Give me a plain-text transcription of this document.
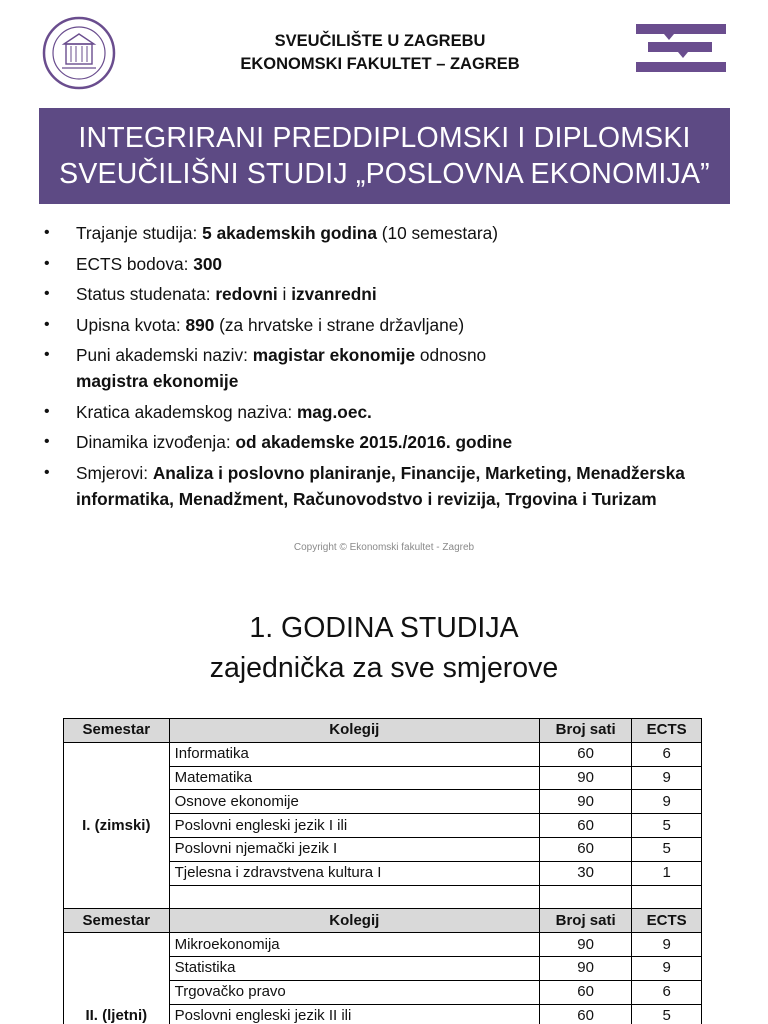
SVEUČILIŠTE U ZAGREBU
EKONOMSKI FAKULTET – ZAGREB
INTEGRIRANI PREDDIPLOMSKI I DIPLOMSKI
SVEUČILIŠNI STUDIJ „POSLOVNA EKONOMIJA”
• Trajanje studija: 5 akademskih godina (10 semestara)
• ECTS bodova: 300
• Status studenata: redovni i izvanredni
• Upisna kvota: 890 (za hrvatske i strane državljane)
• Puni akademski naziv: magistar ekonomije odnosno
magistra ekonomije
• Kratica akademskog naziva: mag.oec.
• Dinamika izvođenja: od akademske 2015./2016. godine
• Smjerovi: Analiza i poslovno planiranje, Financije, Marketing, Menadžerska informatika, Menadžment, Računovodstvo i revizija, Trgovina i Turizam
Copyright © Ekonomski fakultet - Zagreb
1. GODINA STUDIJA
zajednička za sve smjerove
Semestar	Kolegij	Broj sati	ECTS
I. (zimski)	Informatika	60	6
	Matematika	90	9
	Osnove ekonomije	90	9
	Poslovni engleski jezik I ili	60	5
	Poslovni njemački jezik I	60	5
	Tjelesna i zdravstvena kultura I	30	1

Semestar	Kolegij	Broj sati	ECTS
II. (ljetni)	Mikroekonomija	90	9
	Statistika	90	9
	Trgovačko pravo	60	6
	Poslovni engleski jezik II ili	60	5
